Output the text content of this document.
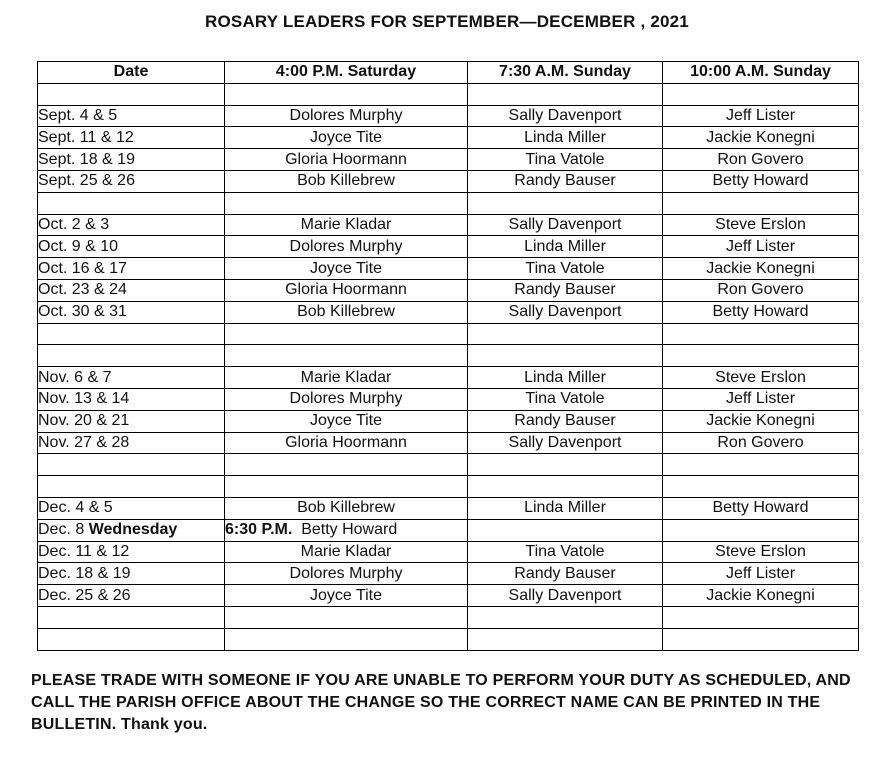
ROSARY LEADERS FOR SEPTEMBER—DECEMBER , 2021
Date	4:00 P.M. Saturday	7:30 A.M. Sunday	10:00 A.M. Sunday

Sept. 4 & 5	Dolores Murphy	Sally Davenport	Jeff Lister
Sept. 11 & 12	Joyce Tite	Linda Miller	Jackie Konegni
Sept. 18 & 19	Gloria Hoormann	Tina Vatole	Ron Govero
Sept. 25 & 26	Bob Killebrew	Randy Bauser	Betty Howard

Oct. 2 & 3	Marie Kladar	Sally Davenport	Steve Erslon
Oct. 9 & 10	Dolores Murphy	Linda Miller	Jeff Lister
Oct. 16 & 17	Joyce Tite	Tina Vatole	Jackie Konegni
Oct. 23 & 24	Gloria Hoormann	Randy Bauser	Ron Govero
Oct. 30 & 31	Bob Killebrew	Sally Davenport	Betty Howard

Nov. 6 & 7	Marie Kladar	Linda Miller	Steve Erslon
Nov. 13 & 14	Dolores Murphy	Tina Vatole	Jeff Lister
Nov. 20 & 21	Joyce Tite	Randy Bauser	Jackie Konegni
Nov. 27 & 28	Gloria Hoormann	Sally Davenport	Ron Govero

Dec. 4 & 5	Bob Killebrew	Linda Miller	Betty Howard
Dec. 8 Wednesday	6:30 P.M. Betty Howard		
Dec. 11 & 12	Marie Kladar	Tina Vatole	Steve Erslon
Dec. 18 & 19	Dolores Murphy	Randy Bauser	Jeff Lister
Dec. 25 & 26	Joyce Tite	Sally Davenport	Jackie Konegni

PLEASE TRADE WITH SOMEONE IF YOU ARE UNABLE TO PERFORM YOUR DUTY AS SCHEDULED, AND CALL THE PARISH OFFICE ABOUT THE CHANGE SO THE CORRECT NAME CAN BE PRINTED IN THE BULLETIN. Thank you.
